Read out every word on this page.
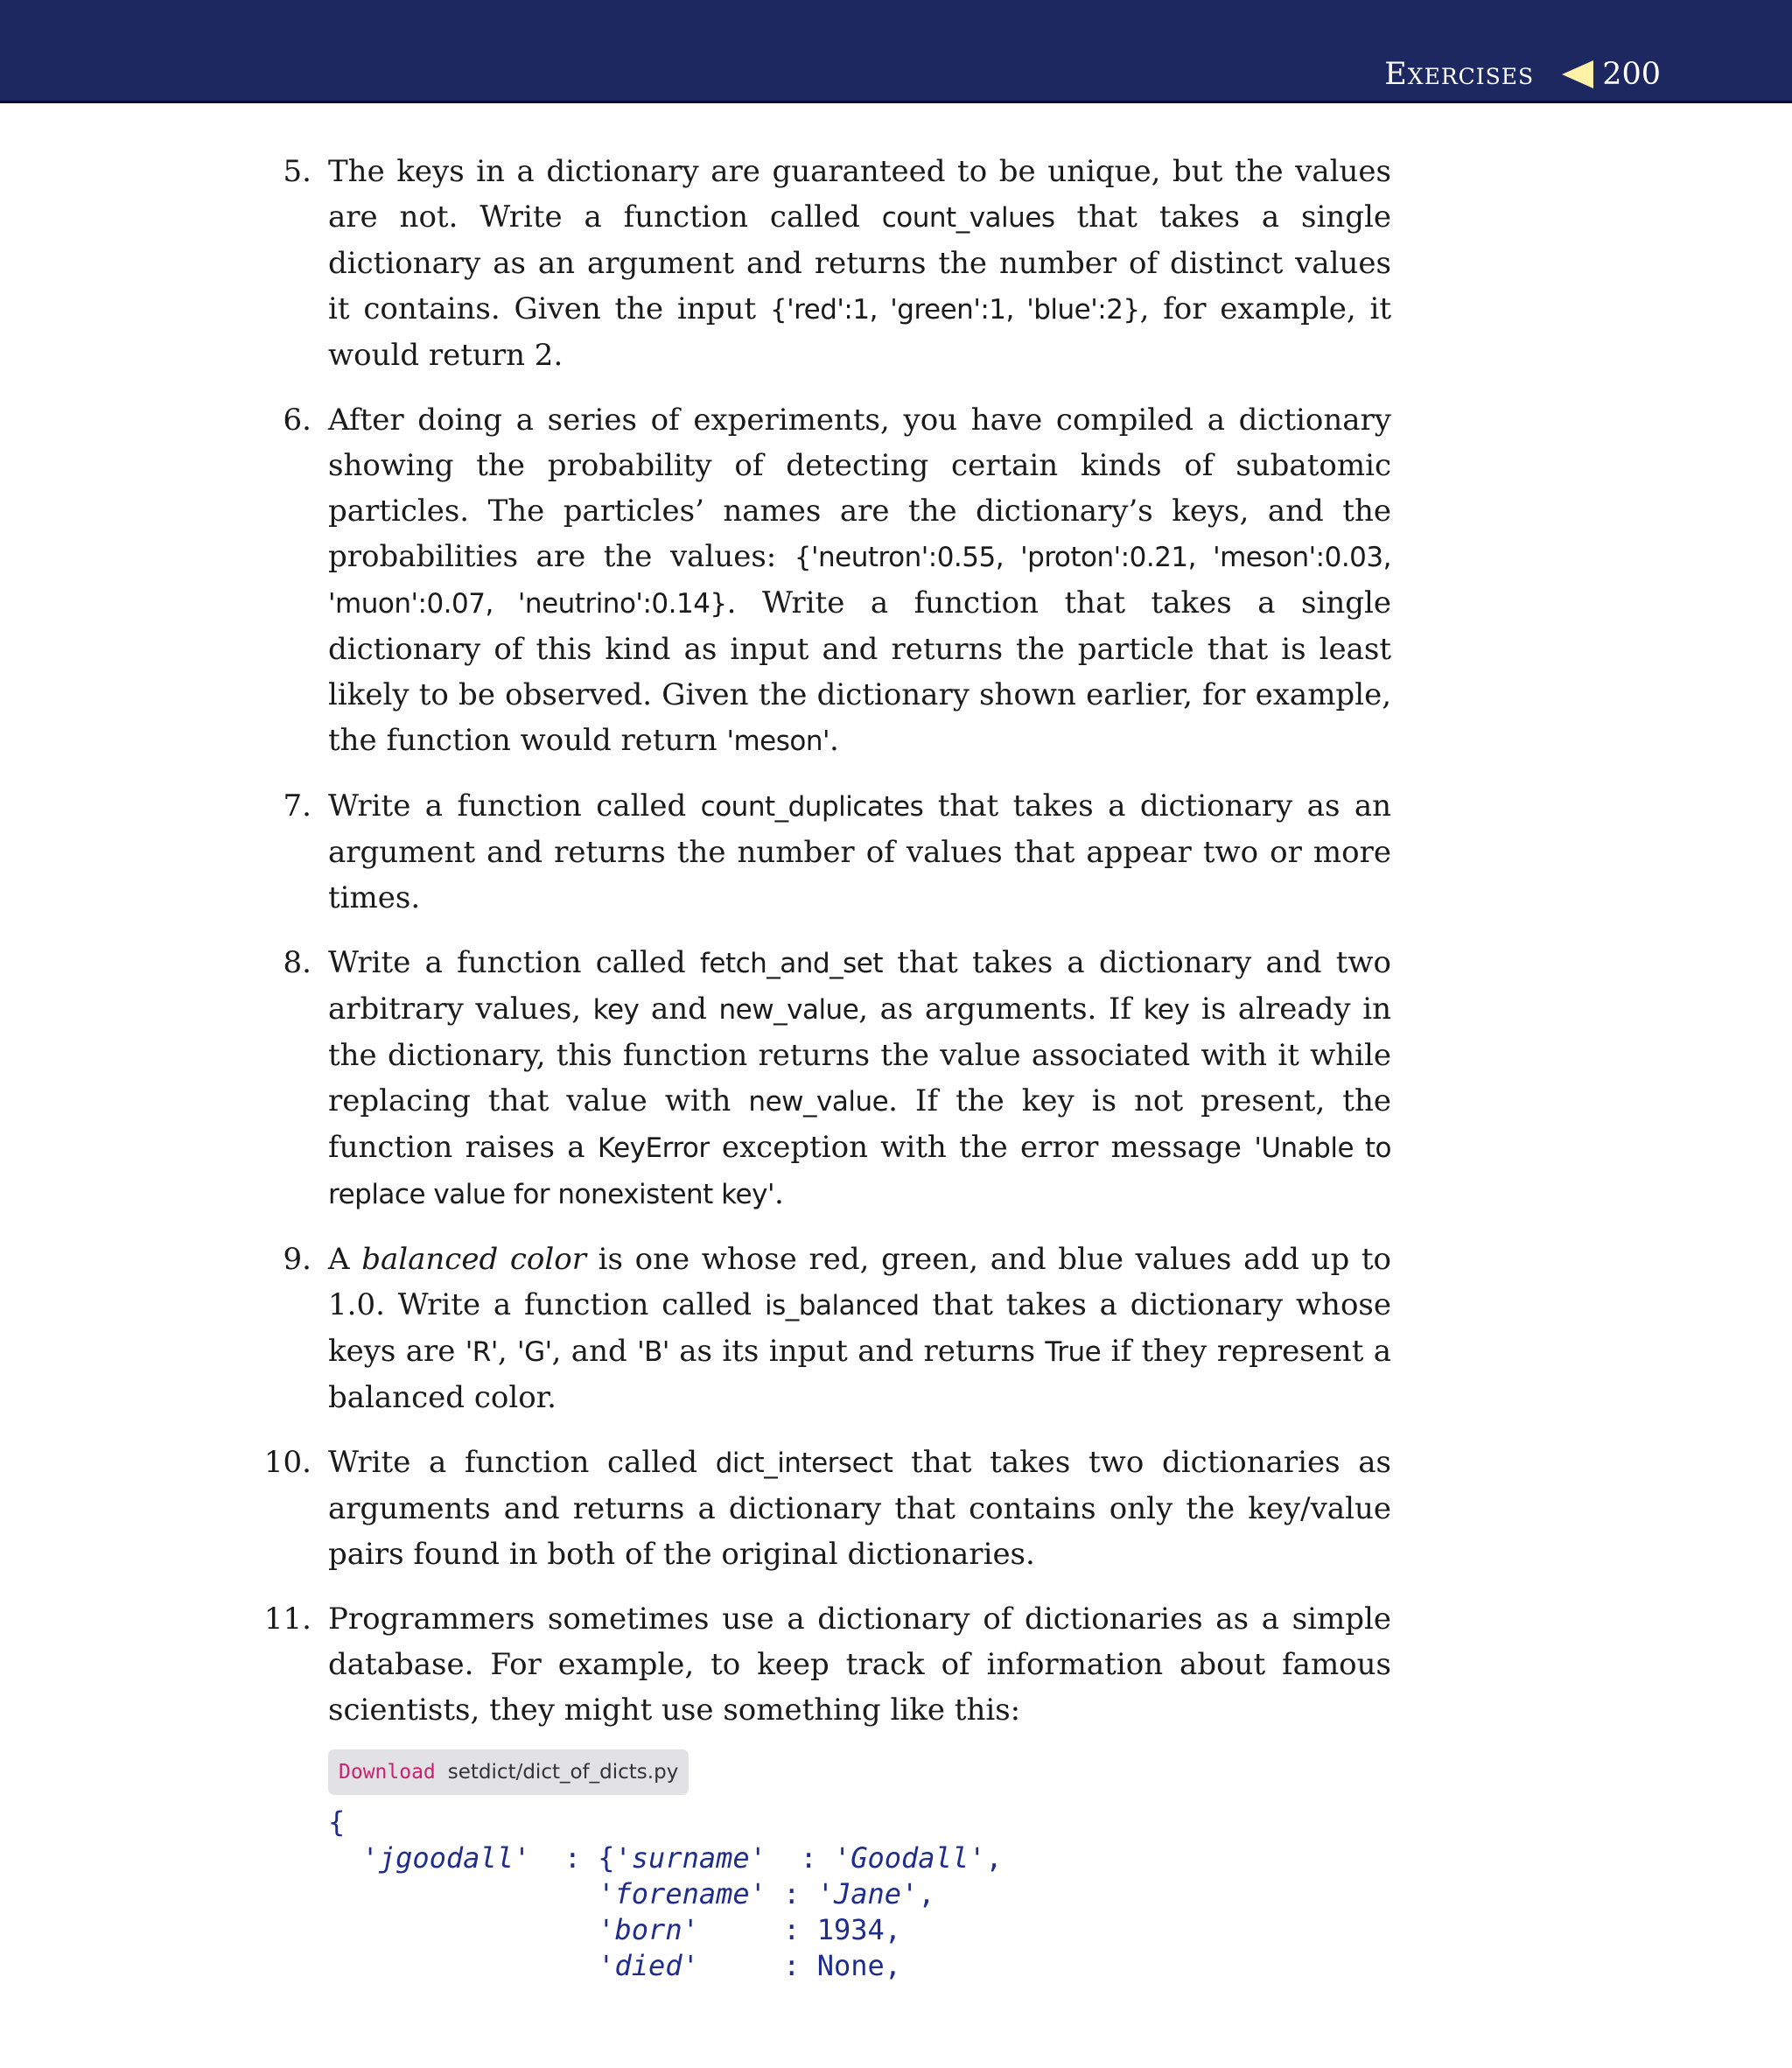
Exercises 200
5. The keys in a dictionary are guaranteed to be unique, but the values are not. Write a function called count_values that takes a single dictionary as an argument and returns the number of distinct values it contains. Given the input {'red':1, 'green':1, 'blue':2}, for example, it would return 2.

6. After doing a series of experiments, you have compiled a dictionary showing the probability of detecting certain kinds of subatomic particles. The particles’ names are the dictionary’s keys, and the probabilities are the values: {'neutron':0.55, 'proton':0.21, 'meson':0.03, 'muon':0.07, 'neutrino':0.14}. Write a function that takes a single dictionary of this kind as input and returns the particle that is least likely to be observed. Given the dictionary shown earlier, for example, the function would return 'meson'.

7. Write a function called count_duplicates that takes a dictionary as an argument and returns the number of values that appear two or more times.

8. Write a function called fetch_and_set that takes a dictionary and two arbitrary values, key and new_value, as arguments. If key is already in the dictionary, this function returns the value associated with it while replacing that value with new_value. If the key is not present, the function raises a KeyError exception with the error message 'Unable to replace value for nonexistent key'.

9. A balanced color is one whose red, green, and blue values add up to 1.0. Write a function called is_balanced that takes a dictionary whose keys are 'R', 'G', and 'B' as its input and returns True if they represent a balanced color.

10. Write a function called dict_intersect that takes two dictionaries as arguments and returns a dictionary that contains only the key/value pairs found in both of the original dictionaries.

11. Programmers sometimes use a dictionary of dictionaries as a simple database. For example, to keep track of information about famous scientists, they might use something like this:

Download setdict/dict_of_dicts.py
{
'jgoodall'  : {'surname'  : 'Goodall',
'forename' : 'Jane',
'born'     : 1934,
'died'     : None,
